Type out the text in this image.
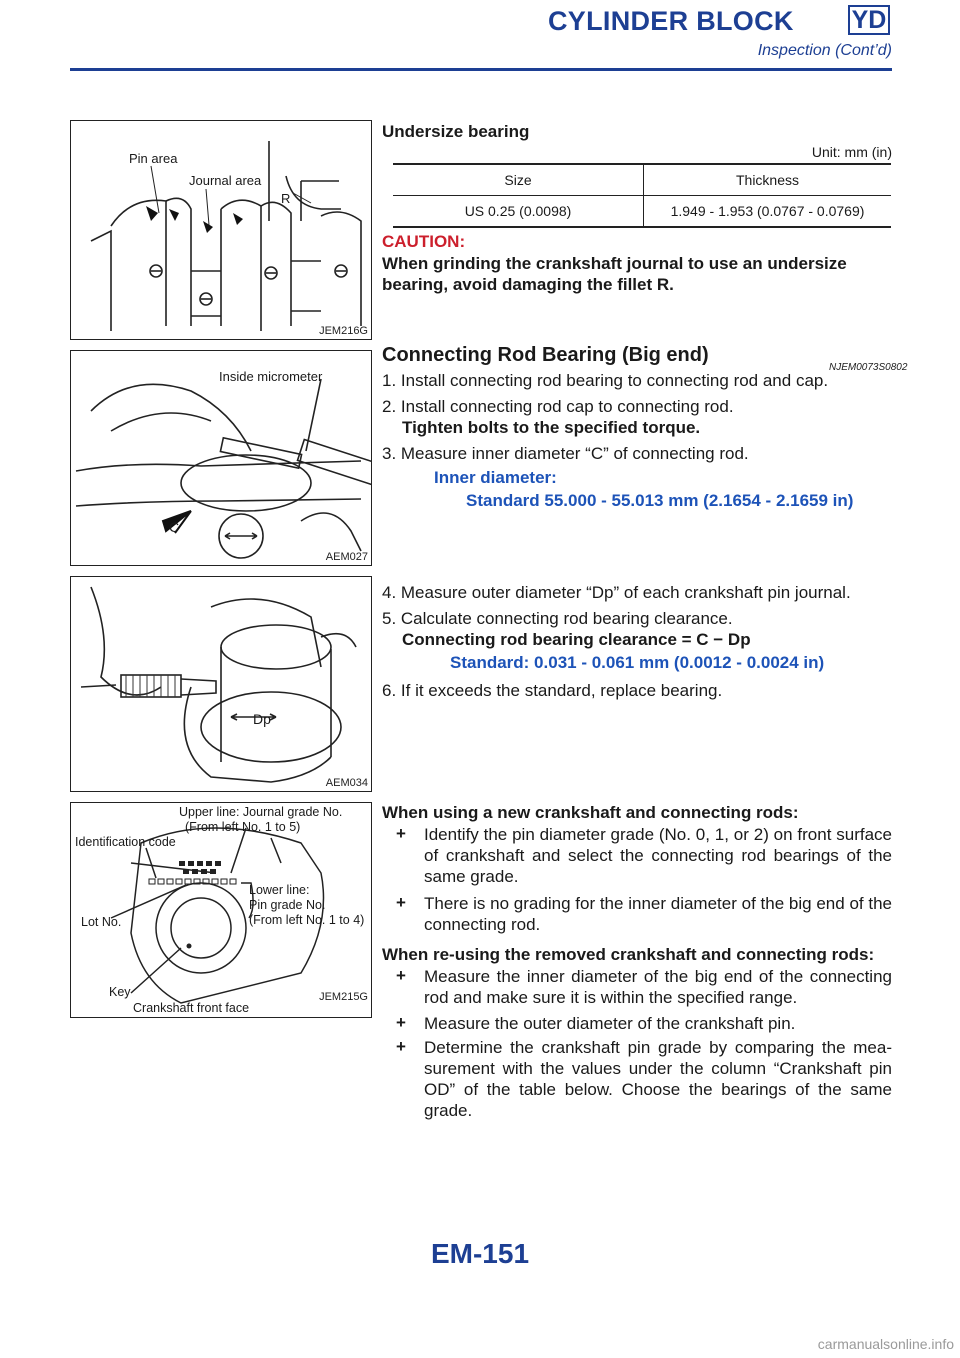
CYLINDER BLOCK YD
Inspection (Cont’d)
Pin area
Journal area
R
JEM216G
Inside micrometer
C
AEM027
Dp
AEM034
Upper line: Journal grade No.
(From left No. 1 to 5)
Identification code
Lower line:
Pin grade No.
(From left No. 1 to 4)
Lot No.
Key
Crankshaft front face
JEM215G
Undersize bearing
Unit: mm (in)
Size	Thickness
US 0.25 (0.0098)	1.949 - 1.953 (0.0767 - 0.0769)
CAUTION:
When grinding the crankshaft journal to use an undersize
bearing, avoid damaging the fillet R.
Connecting Rod Bearing (Big end)
NJEM0073S0802
1. Install connecting rod bearing to connecting rod and cap.
2. Install connecting rod cap to connecting rod.
Tighten bolts to the specified torque.
3. Measure inner diameter “C” of connecting rod.
Inner diameter:
Standard 55.000 - 55.013 mm (2.1654 - 2.1659 in)
4. Measure outer diameter “Dp” of each crankshaft pin journal.
5. Calculate connecting rod bearing clearance.
Connecting rod bearing clearance = C − Dp
Standard: 0.031 - 0.061 mm (0.0012 - 0.0024 in)
6. If it exceeds the standard, replace bearing.
When using a new crankshaft and connecting rods:
+ Identify the pin diameter grade (No. 0, 1, or 2) on front surface of crankshaft and select the connecting rod bearings of the same grade.
+ There is no grading for the inner diameter of the big end of the connecting rod.
When re-using the removed crankshaft and connecting rods:
+ Measure the inner diameter of the big end of the connecting rod and make sure it is within the specified range.
+ Measure the outer diameter of the crankshaft pin.
+ Determine the crankshaft pin grade by comparing the mea-surement with the values under the column “Crankshaft pin OD” of the table below. Choose the bearings of the same grade.
EM-151
carmanualsonline.info
